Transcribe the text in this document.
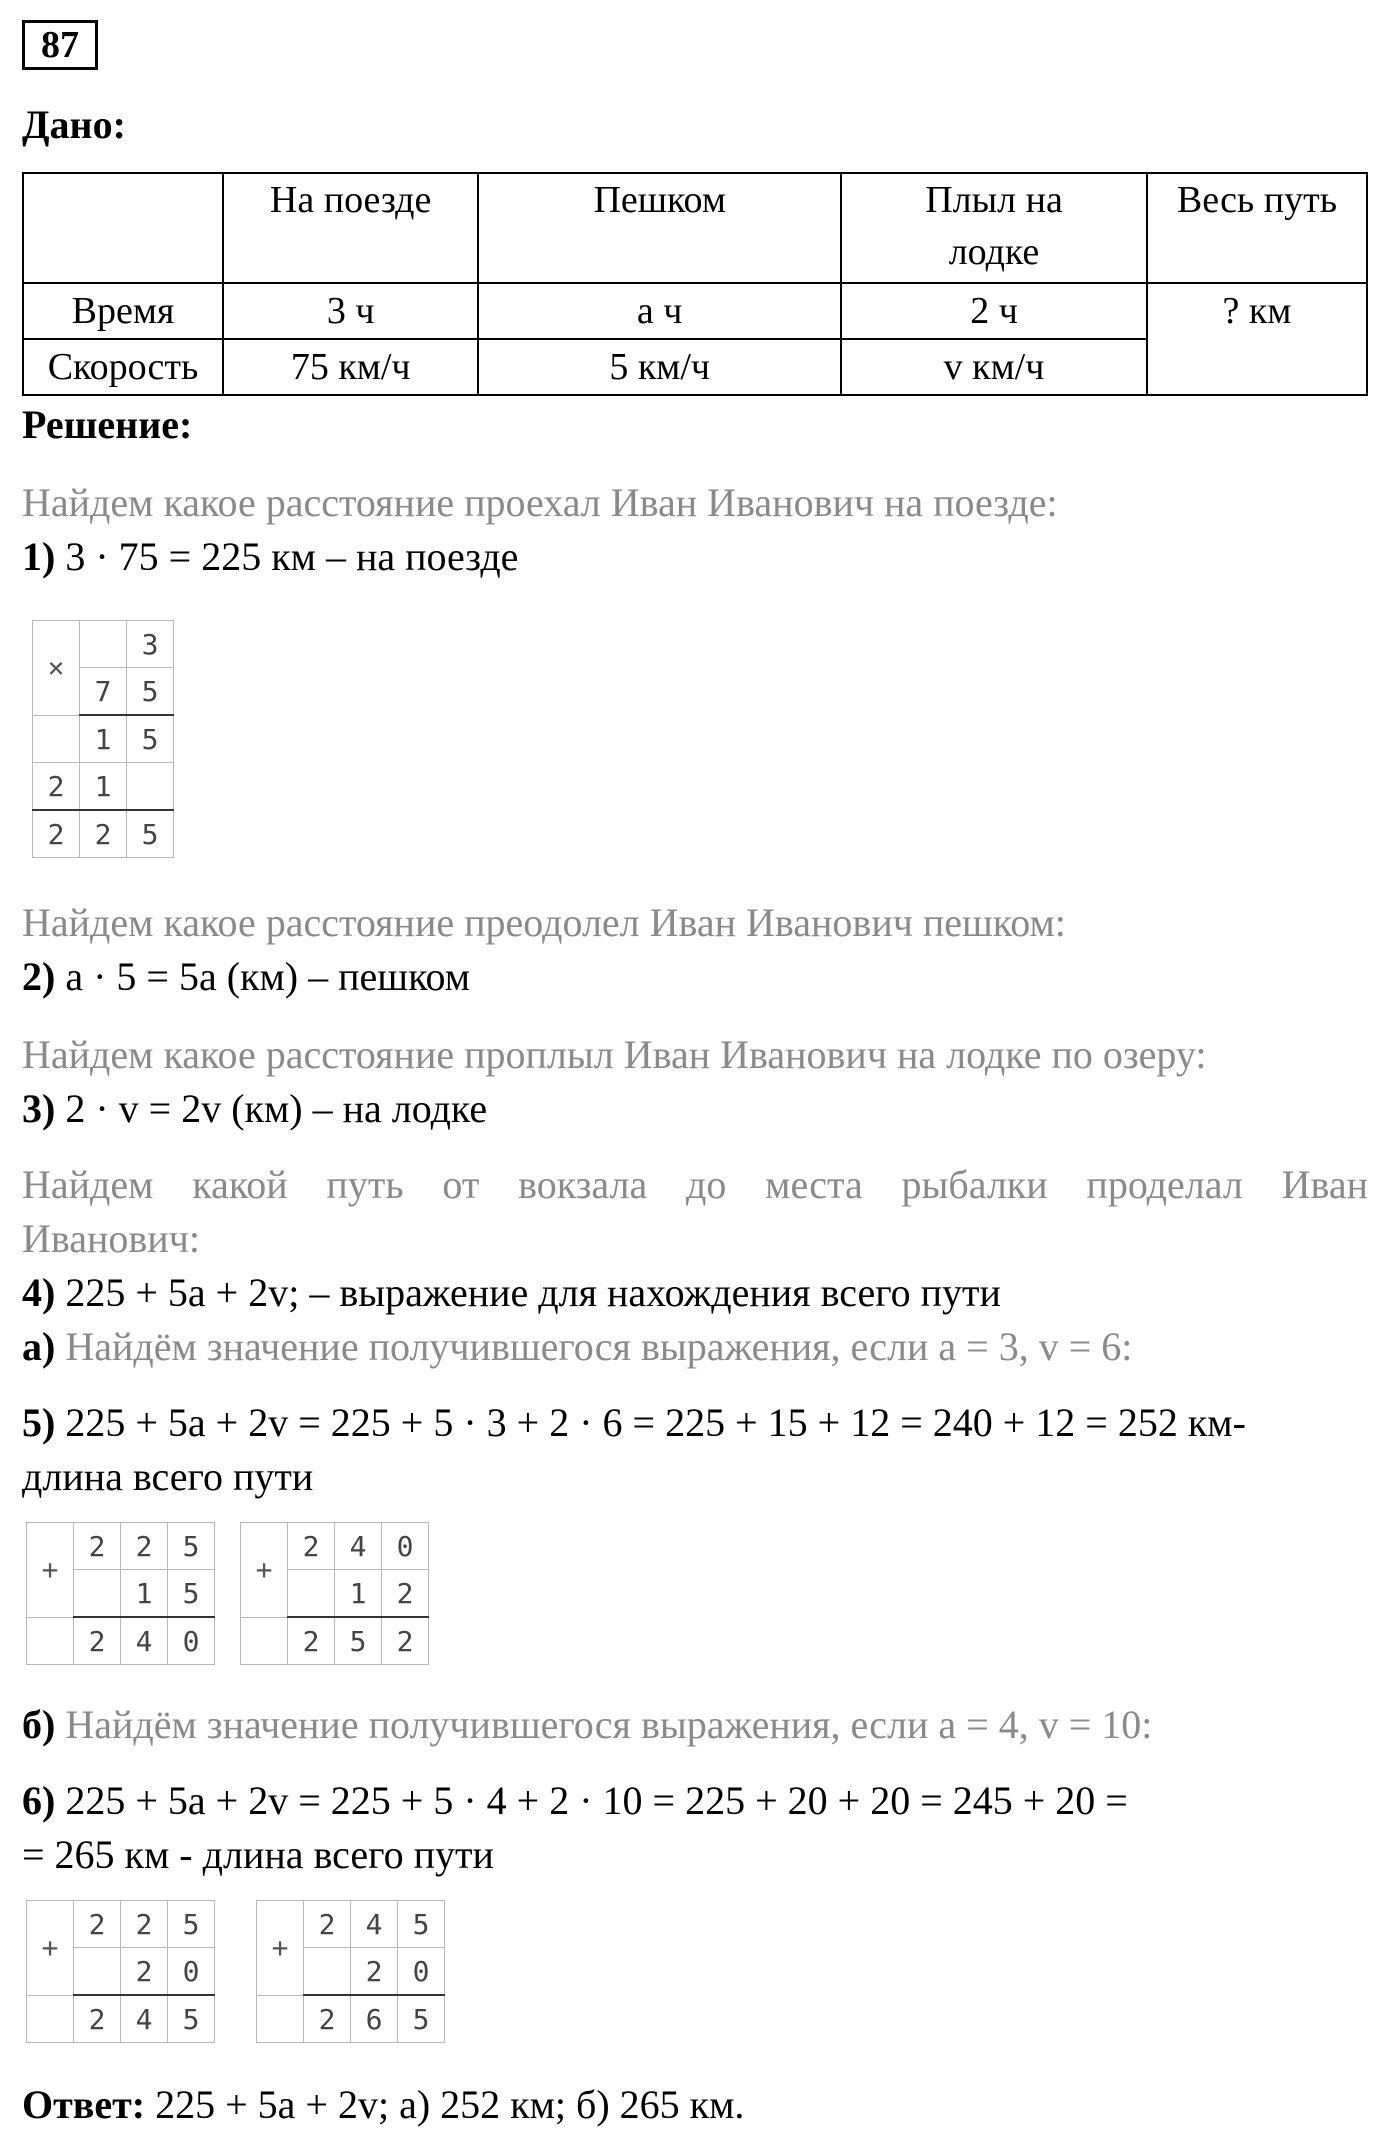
87
Дано:
	На поезде	Пешком	Плыл на лодке	Весь путь
Время	3 ч	а ч	2 ч	? км
Скорость	75 км/ч	5 км/ч	v км/ч	
Решение:
Найдем какое расстояние проехал Иван Иванович на поезде:
1) 3 · 75 = 225 км – на поезде
×		3
	7	5
	1	5
2	1	
2	2	5
Найдем какое расстояние преодолел Иван Иванович пешком:
2) а · 5 = 5а (км) – пешком
Найдем какое расстояние проплыл Иван Иванович на лодке по озеру:
3) 2 · v = 2v (км) – на лодке
Найдем какой путь от вокзала до места рыбалки проделал Иван
Иванович:
4) 225 + 5а + 2v; – выражение для нахождения всего пути
а) Найдём значение получившегося выражения, если а = 3, v = 6:
5) 225 + 5а + 2v = 225 + 5 · 3 + 2 · 6 = 225 + 15 + 12 = 240 + 12 = 252 км-
длина всего пути
+	2	2	5
		1	5
	2	4	0
+	2	4	0
		1	2
	2	5	2
б) Найдём значение получившегося выражения, если а = 4, v = 10:
6) 225 + 5а + 2v = 225 + 5 · 4 + 2 · 10 = 225 + 20 + 20 = 245 + 20 =
= 265 км - длина всего пути
+	2	2	5
		2	0
	2	4	5
+	2	4	5
		2	0
	2	6	5
Ответ: 225 + 5а + 2v; а) 252 км; б) 265 км.
